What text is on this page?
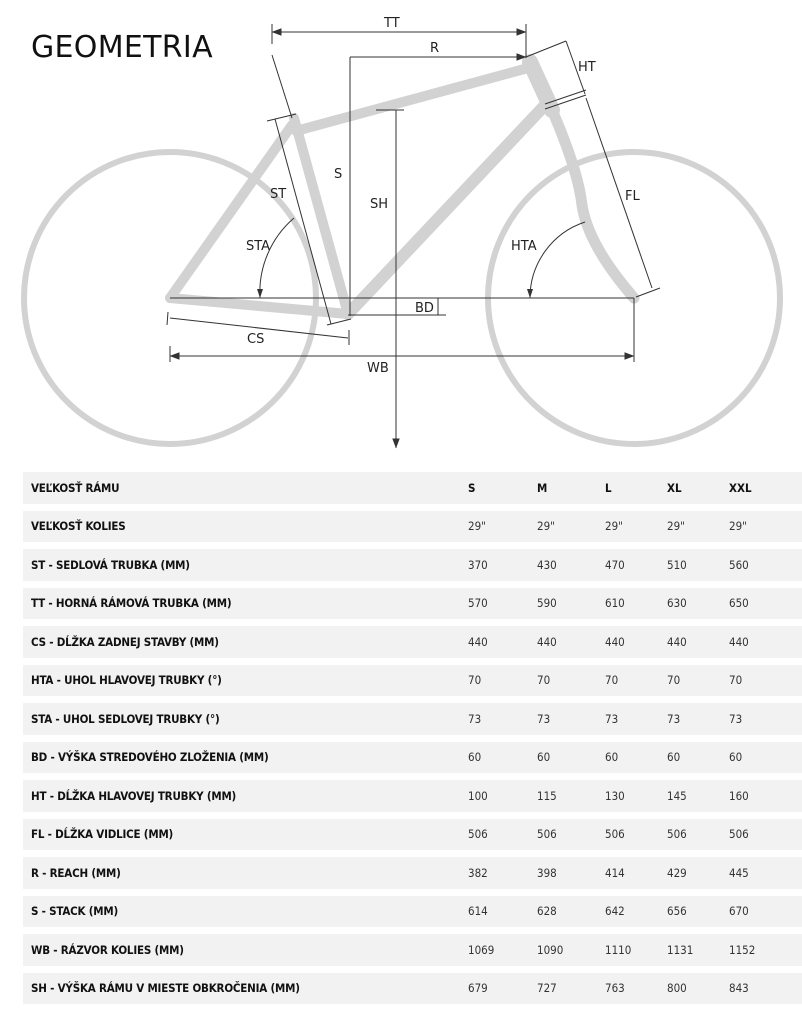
GEOMETRIA
TT
R
HT
S
SH
ST
STA	HTA
FL
BD
CS
WB
VEĽKOSŤ RÁMU	S	M	L	XL	XXL
VEĽKOSŤ KOLIES	29"	29"	29"	29"	29"
ST - SEDLOVÁ TRUBKA (MM)	370	430	470	510	560
TT - HORNÁ RÁMOVÁ TRUBKA (MM)	570	590	610	630	650
CS - DĹŽKA ZADNEJ STAVBY (MM)	440	440	440	440	440
HTA - UHOL HLAVOVEJ TRUBKY (°)	70	70	70	70	70
STA - UHOL SEDLOVEJ TRUBKY (°)	73	73	73	73	73
BD - VÝŠKA STREDOVÉHO ZLOŽENIA (MM)	60	60	60	60	60
HT - DĹŽKA HLAVOVEJ TRUBKY (MM)	100	115	130	145	160
FL - DĹŽKA VIDLICE (MM)	506	506	506	506	506
R - REACH (MM)	382	398	414	429	445
S - STACK (MM)	614	628	642	656	670
WB - RÁZVOR KOLIES (MM)	1069	1090	1110	1131	1152
SH - VÝŠKA RÁMU V MIESTE OBKROČENIA (MM)	679	727	763	800	843
